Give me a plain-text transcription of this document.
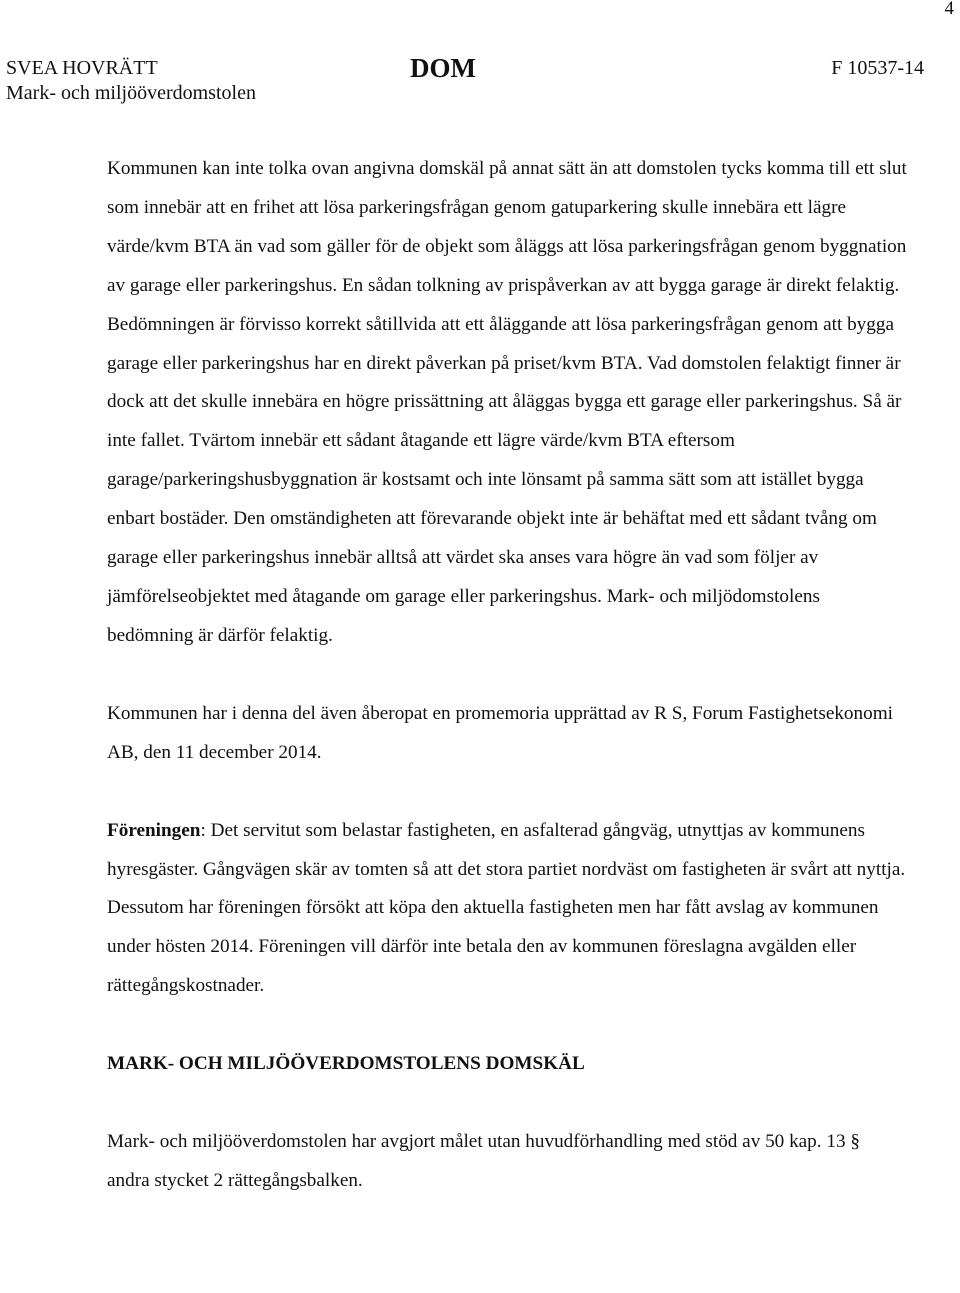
4
SVEA HOVRÄTT
Mark- och miljööverdomstolen
DOM	F 10537-14

Kommunen kan inte tolka ovan angivna domskäl på annat sätt än att domstolen tycks komma till ett slut som innebär att en frihet att lösa parkeringsfrågan genom gatuparkering skulle innebära ett lägre värde/kvm BTA än vad som gäller för de objekt som åläggs att lösa parkeringsfrågan genom byggnation av garage eller parkeringshus. En sådan tolkning av prispåverkan av att bygga garage är direkt felaktig. Bedömningen är förvisso korrekt såtillvida att ett åläggande att lösa parkeringsfrågan genom att bygga garage eller parkeringshus har en direkt påverkan på priset/kvm BTA. Vad domstolen felaktigt finner är dock att det skulle innebära en högre prissättning att åläggas bygga ett garage eller parkeringshus. Så är inte fallet. Tvärtom innebär ett sådant åtagande ett lägre värde/kvm BTA eftersom garage/parkeringshusbyggnation är kostsamt och inte lönsamt på samma sätt som att istället bygga enbart bostäder. Den omständigheten att förevarande objekt inte är behäftat med ett sådant tvång om garage eller parkeringshus innebär alltså att värdet ska anses vara högre än vad som följer av jämförelseobjektet med åtagande om garage eller parkeringshus. Mark- och miljödomstolens bedömning är därför felaktig.

Kommunen har i denna del även åberopat en promemoria upprättad av R S, Forum Fastighetsekonomi AB, den 11 december 2014.

Föreningen: Det servitut som belastar fastigheten, en asfalterad gångväg, utnyttjas av kommunens hyresgäster. Gångvägen skär av tomten så att det stora partiet nordväst om fastigheten är svårt att nyttja. Dessutom har föreningen försökt att köpa den aktuella fastigheten men har fått avslag av kommunen under hösten 2014. Föreningen vill därför inte betala den av kommunen föreslagna avgälden eller rättegångskostnader.

MARK- OCH MILJÖÖVERDOMSTOLENS DOMSKÄL

Mark- och miljööverdomstolen har avgjort målet utan huvudförhandling med stöd av 50 kap. 13 § andra stycket 2 rättegångsbalken.
